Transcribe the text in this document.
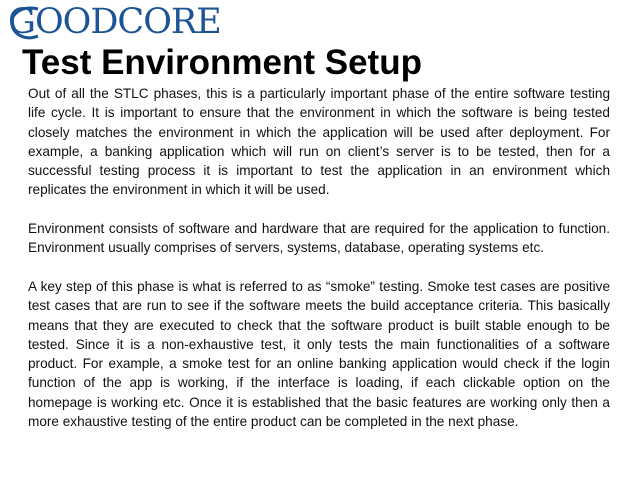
GOODCORE
Test Environment Setup

Out of all the STLC phases, this is a particularly important phase of the entire software testing life cycle. It is important to ensure that the environment in which the software is being tested closely matches the environment in which the application will be used after deployment. For example, a banking application which will run on client’s server is to be tested, then for a successful testing process it is important to test the application in an environment which replicates the environment in which it will be used.

Environment consists of software and hardware that are required for the application to function. Environment usually comprises of servers, systems, database, operating systems etc.

A key step of this phase is what is referred to as “smoke” testing. Smoke test cases are positive test cases that are run to see if the software meets the build acceptance criteria. This basically means that they are executed to check that the software product is built stable enough to be tested. Since it is a non-exhaustive test, it only tests the main functionalities of a software product. For example, a smoke test for an online banking application would check if the login function of the app is working, if the interface is loading, if each clickable option on the homepage is working etc. Once it is established that the basic features are working only then a more exhaustive testing of the entire product can be completed in the next phase.
